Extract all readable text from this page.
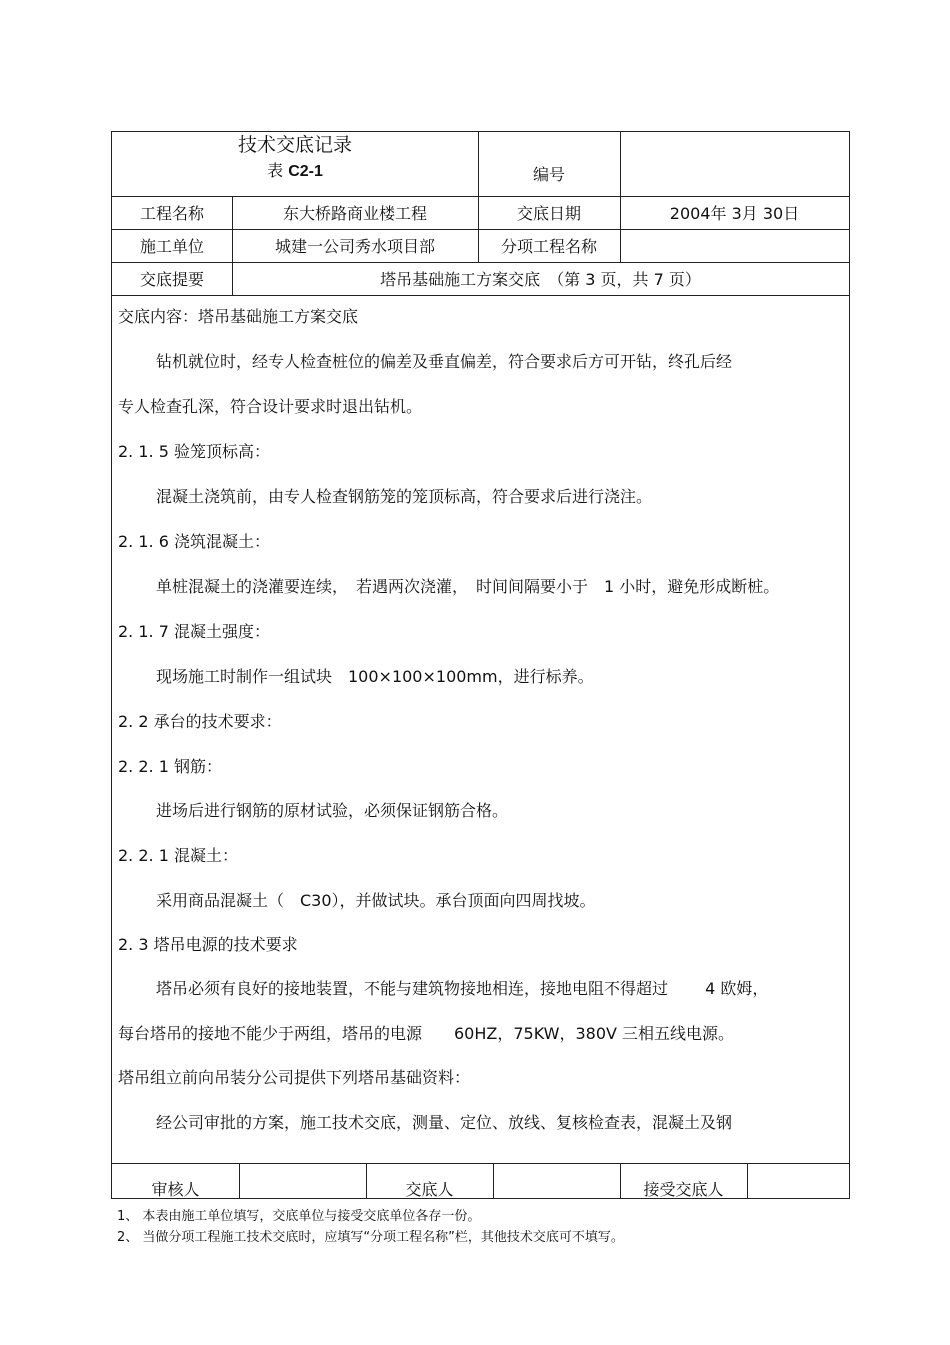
技术交底记录
表 C2-1	编号
工程名称	东大桥路商业楼工程	交底日期	2004年 3月 30日
施工单位	城建一公司秀水项目部	分项工程名称
交底提要	塔吊基础施工方案交底　（第 3 页，共 7 页）
交底内容：塔吊基础施工方案交底
钻机就位时，经专人检查桩位的偏差及垂直偏差，符合要求后方可开钻，终孔后经
专人检查孔深，符合设计要求时退出钻机。
2. 1. 5 验笼顶标高：
混凝土浇筑前，由专人检查钢筋笼的笼顶标高，符合要求后进行浇注。
2. 1. 6 浇筑混凝土：
单桩混凝土的浇灌要连续，　若遇两次浇灌，　时间间隔要小于　1 小时，避免形成断桩。
2. 1. 7 混凝土强度：
现场施工时制作一组试块　100×100×100mm，进行标养。
2. 2 承台的技术要求：
2. 2. 1 钢筋：
进场后进行钢筋的原材试验，必须保证钢筋合格。
2. 2. 1 混凝土：
采用商品混凝土（　C30），并做试块。承台顶面向四周找坡。
2. 3 塔吊电源的技术要求
塔吊必须有良好的接地装置，不能与建筑物接地相连，接地电阻不得超过　　 4 欧姆，
每台塔吊的接地不能少于两组，塔吊的电源　　60HZ，75KW，380V 三相五线电源。
塔吊组立前向吊装分公司提供下列塔吊基础资料：
经公司审批的方案，施工技术交底，测量、定位、放线、复核检查表，混凝土及钢
审核人	交底人	接受交底人
1、 本表由施工单位填写，交底单位与接受交底单位各存一份。
2、 当做分项工程施工技术交底时，应填写“分项工程名称”栏，其他技术交底可不填写。
